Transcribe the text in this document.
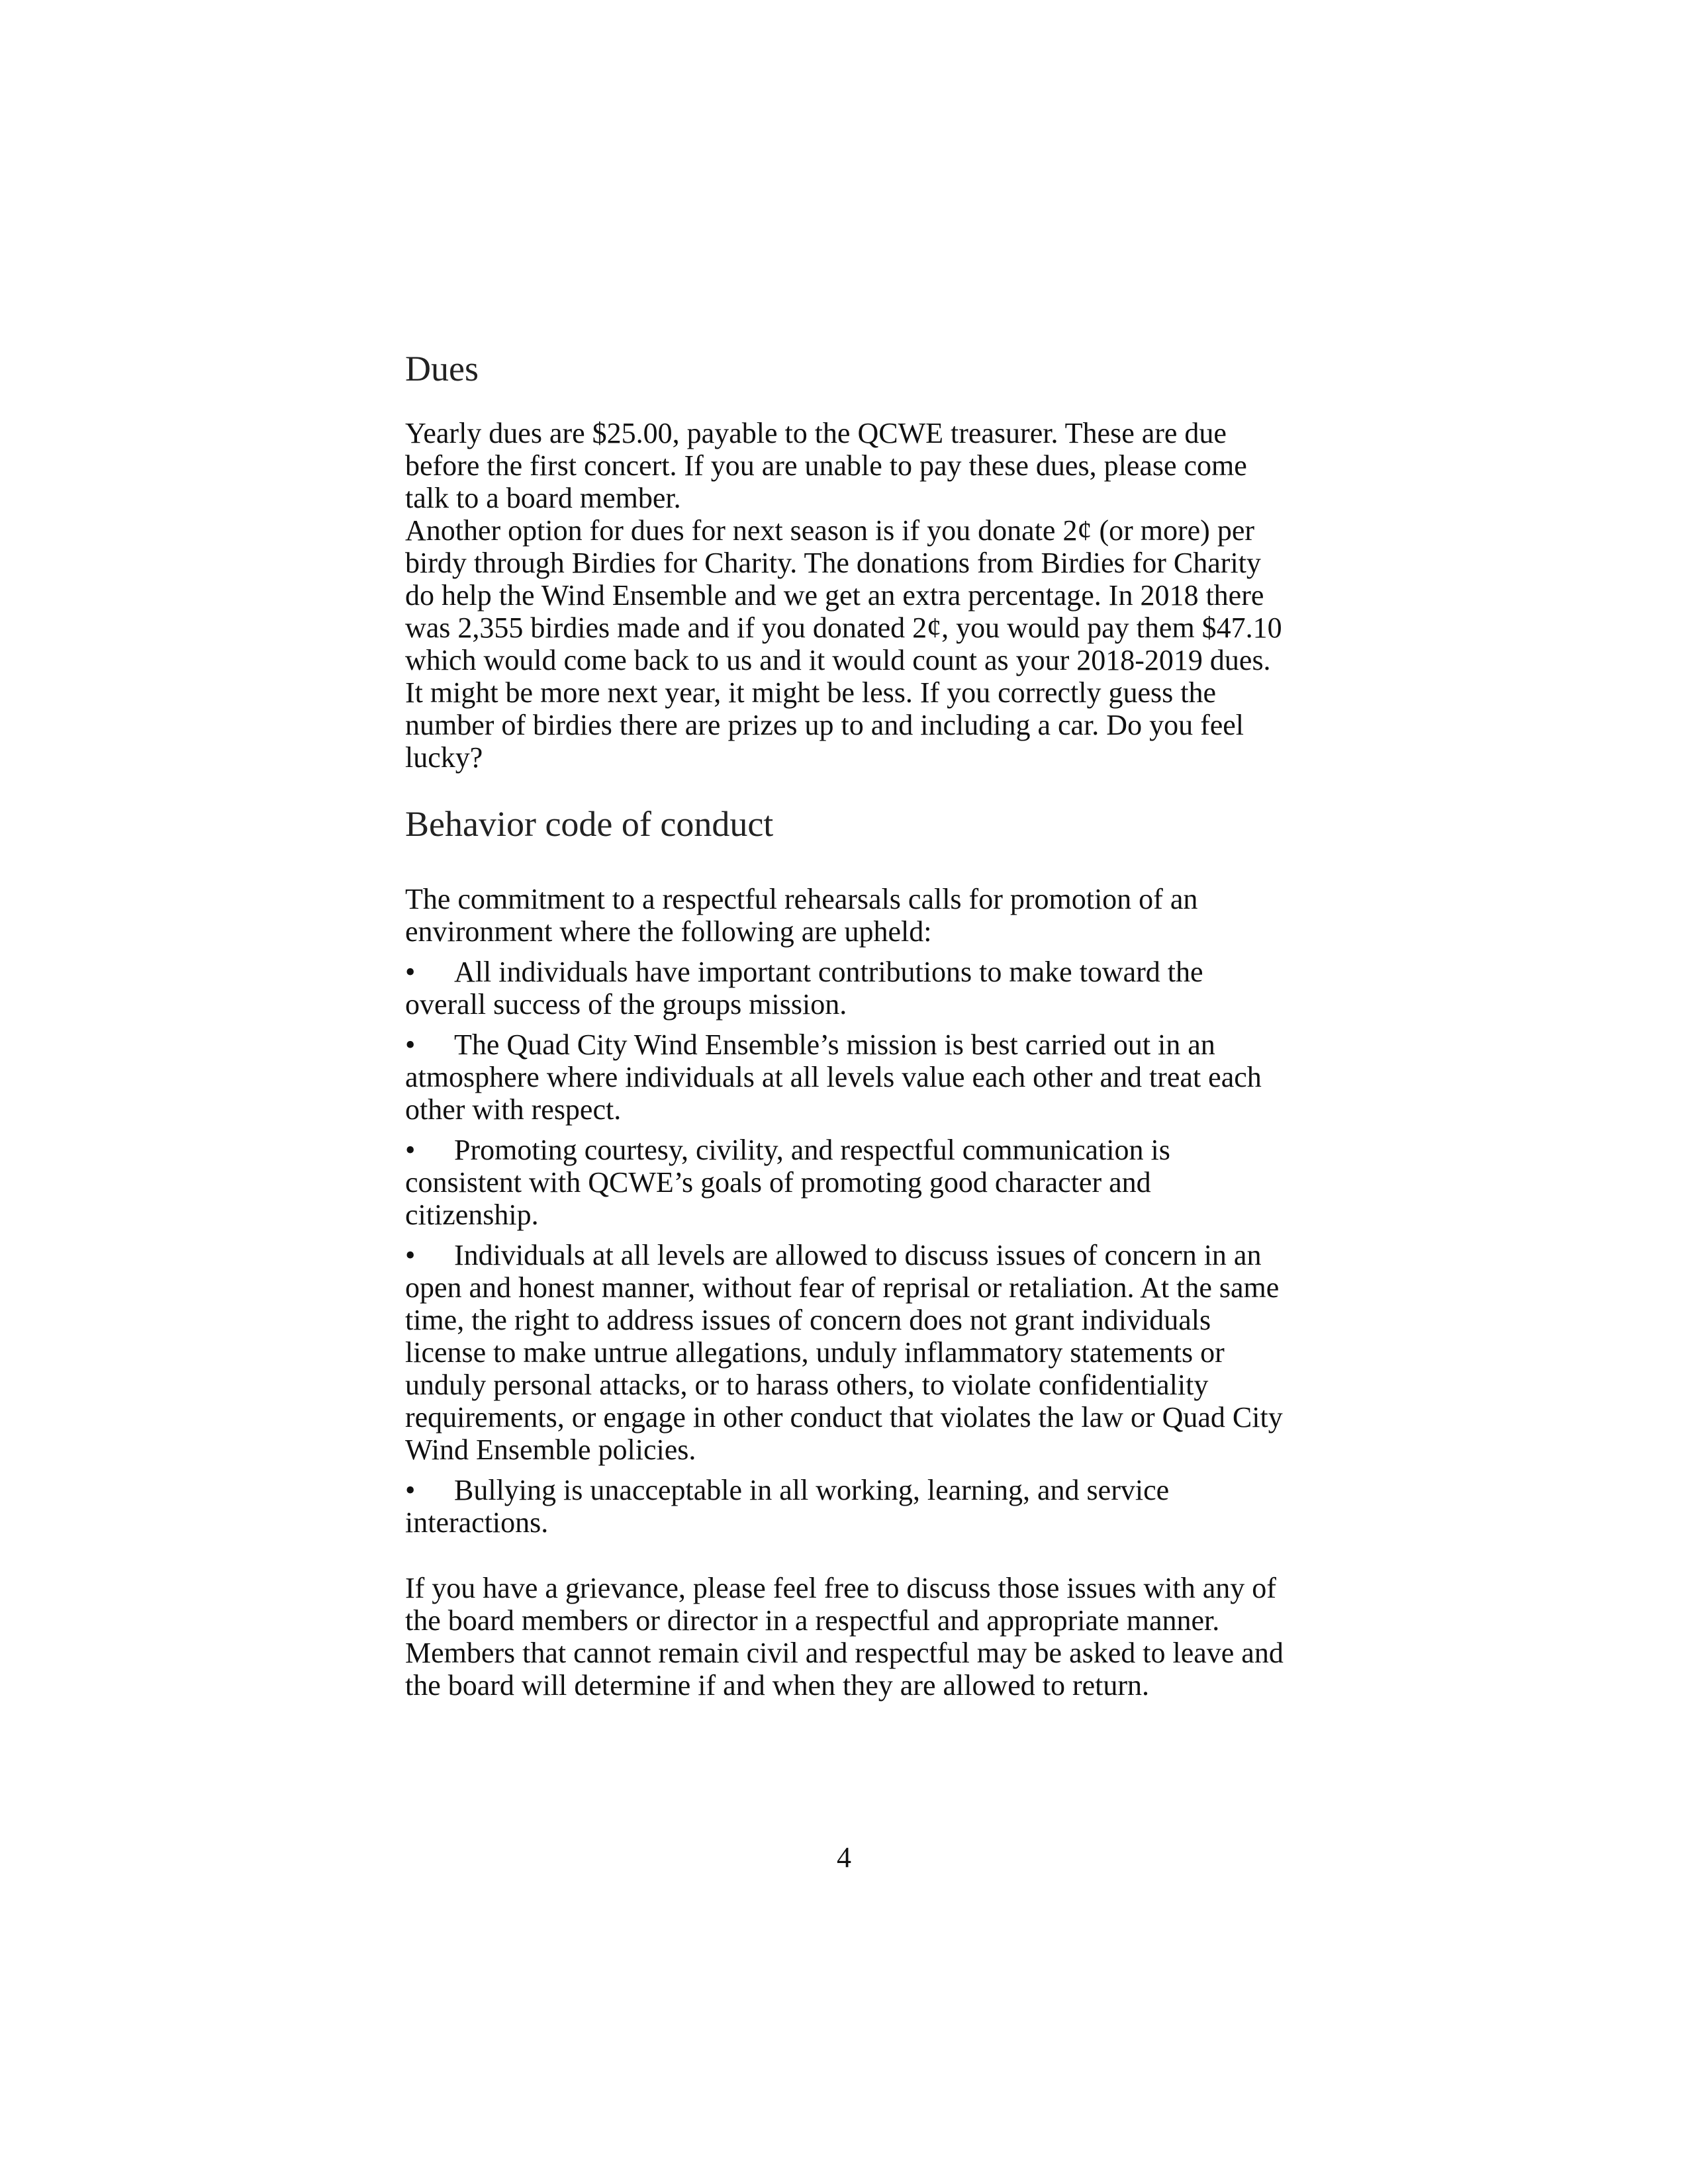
Dues

Yearly dues are $25.00, payable to the QCWE treasurer. These are due before the first concert. If you are unable to pay these dues, please come talk to a board member.

Another option for dues for next season is if you donate 2¢ (or more) per birdy through Birdies for Charity. The donations from Birdies for Charity do help the Wind Ensemble and we get an extra percentage. In 2018 there was 2,355 birdies made and if you donated 2¢, you would pay them $47.10 which would come back to us and it would count as your 2018-2019 dues. It might be more next year, it might be less. If you correctly guess the number of birdies there are prizes up to and including a car. Do you feel lucky?

Behavior code of conduct

The commitment to a respectful rehearsals calls for promotion of an environment where the following are upheld:

• All individuals have important contributions to make toward the overall success of the groups mission.
• The Quad City Wind Ensemble’s mission is best carried out in an atmosphere where individuals at all levels value each other and treat each other with respect.
• Promoting courtesy, civility, and respectful communication is consistent with QCWE’s goals of promoting good character and citizenship.
• Individuals at all levels are allowed to discuss issues of concern in an open and honest manner, without fear of reprisal or retaliation. At the same time, the right to address issues of concern does not grant individuals license to make untrue allegations, unduly inflammatory statements or unduly personal attacks, or to harass others, to violate confidentiality requirements, or engage in other conduct that violates the law or Quad City Wind Ensemble policies.
• Bullying is unacceptable in all working, learning, and service interactions.

If you have a grievance, please feel free to discuss those issues with any of the board members or director in a respectful and appropriate manner. Members that cannot remain civil and respectful may be asked to leave and the board will determine if and when they are allowed to return.

4
